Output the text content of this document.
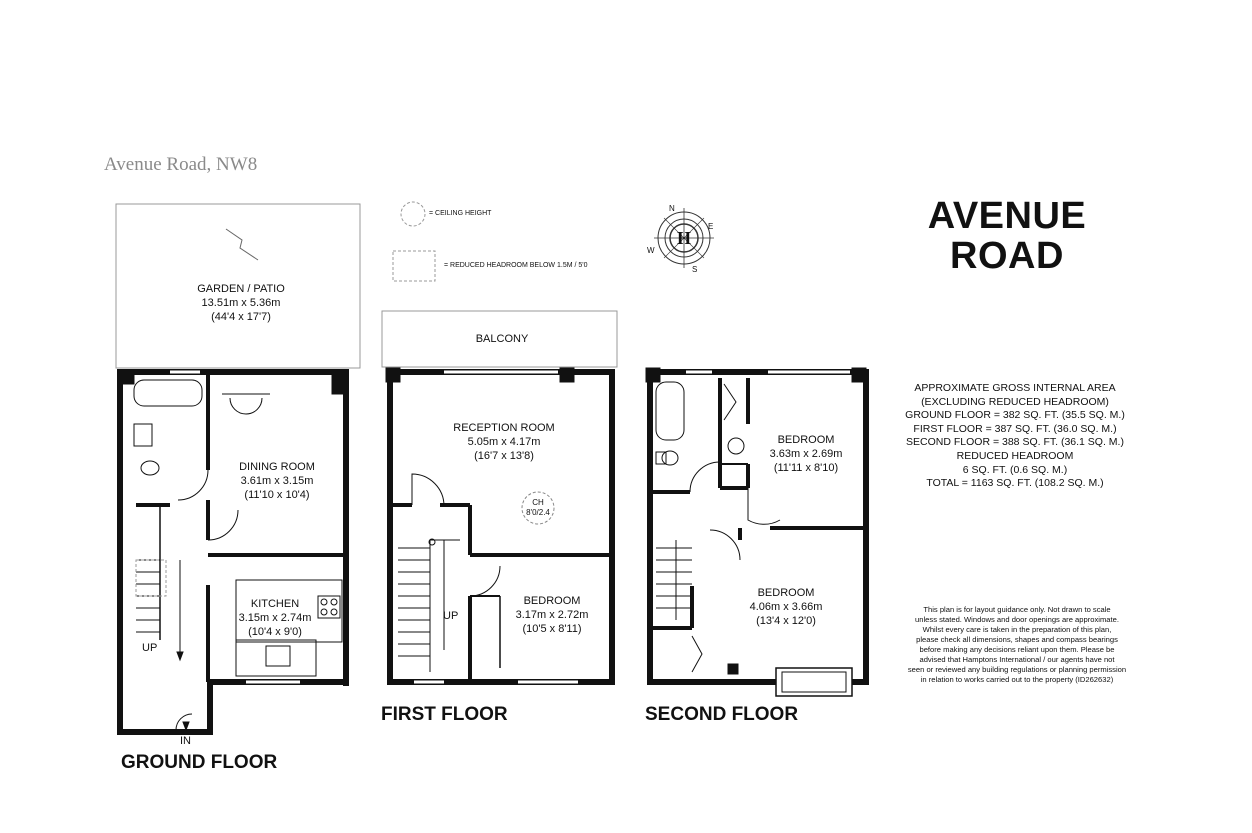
Avenue Road, NW8
AVENUE
ROAD
= CEILING HEIGHT
= REDUCED HEADROOM BELOW 1.5M / 5'0
N
E
S
W
H
GARDEN / PATIO
13.51m x 5.36m
(44'4 x 17'7)
DINING ROOM
3.61m x 3.15m
(11'10 x 10'4)
KITCHEN
3.15m x 2.74m
(10'4 x 9'0)
UP
IN
GROUND FLOOR
BALCONY
RECEPTION ROOM
5.05m x 4.17m
(16'7 x 13'8)
CH
8'0/2.4
BEDROOM
3.17m x 2.72m
(10'5 x 8'11)
UP
FIRST FLOOR
BEDROOM
3.63m x 2.69m
(11'11 x 8'10)
BEDROOM
4.06m x 3.66m
(13'4 x 12'0)
SECOND FLOOR
APPROXIMATE GROSS INTERNAL AREA
(EXCLUDING REDUCED HEADROOM)
GROUND FLOOR = 382 SQ. FT. (35.5 SQ. M.)
FIRST FLOOR = 387 SQ. FT. (36.0 SQ. M.)
SECOND FLOOR = 388 SQ. FT. (36.1 SQ. M.)
REDUCED HEADROOM
6 SQ. FT. (0.6 SQ. M.)
TOTAL = 1163 SQ. FT. (108.2 SQ. M.)
This plan is for layout guidance only. Not drawn to scale
unless stated. Windows and door openings are approximate.
Whilst every care is taken in the preparation of this plan,
please check all dimensions, shapes and compass bearings
before making any decisions reliant upon them. Please be
advised that Hamptons International / our agents have not
seen or reviewed any building regulations or planning permission
in relation to works carried out to the property (ID262632)
